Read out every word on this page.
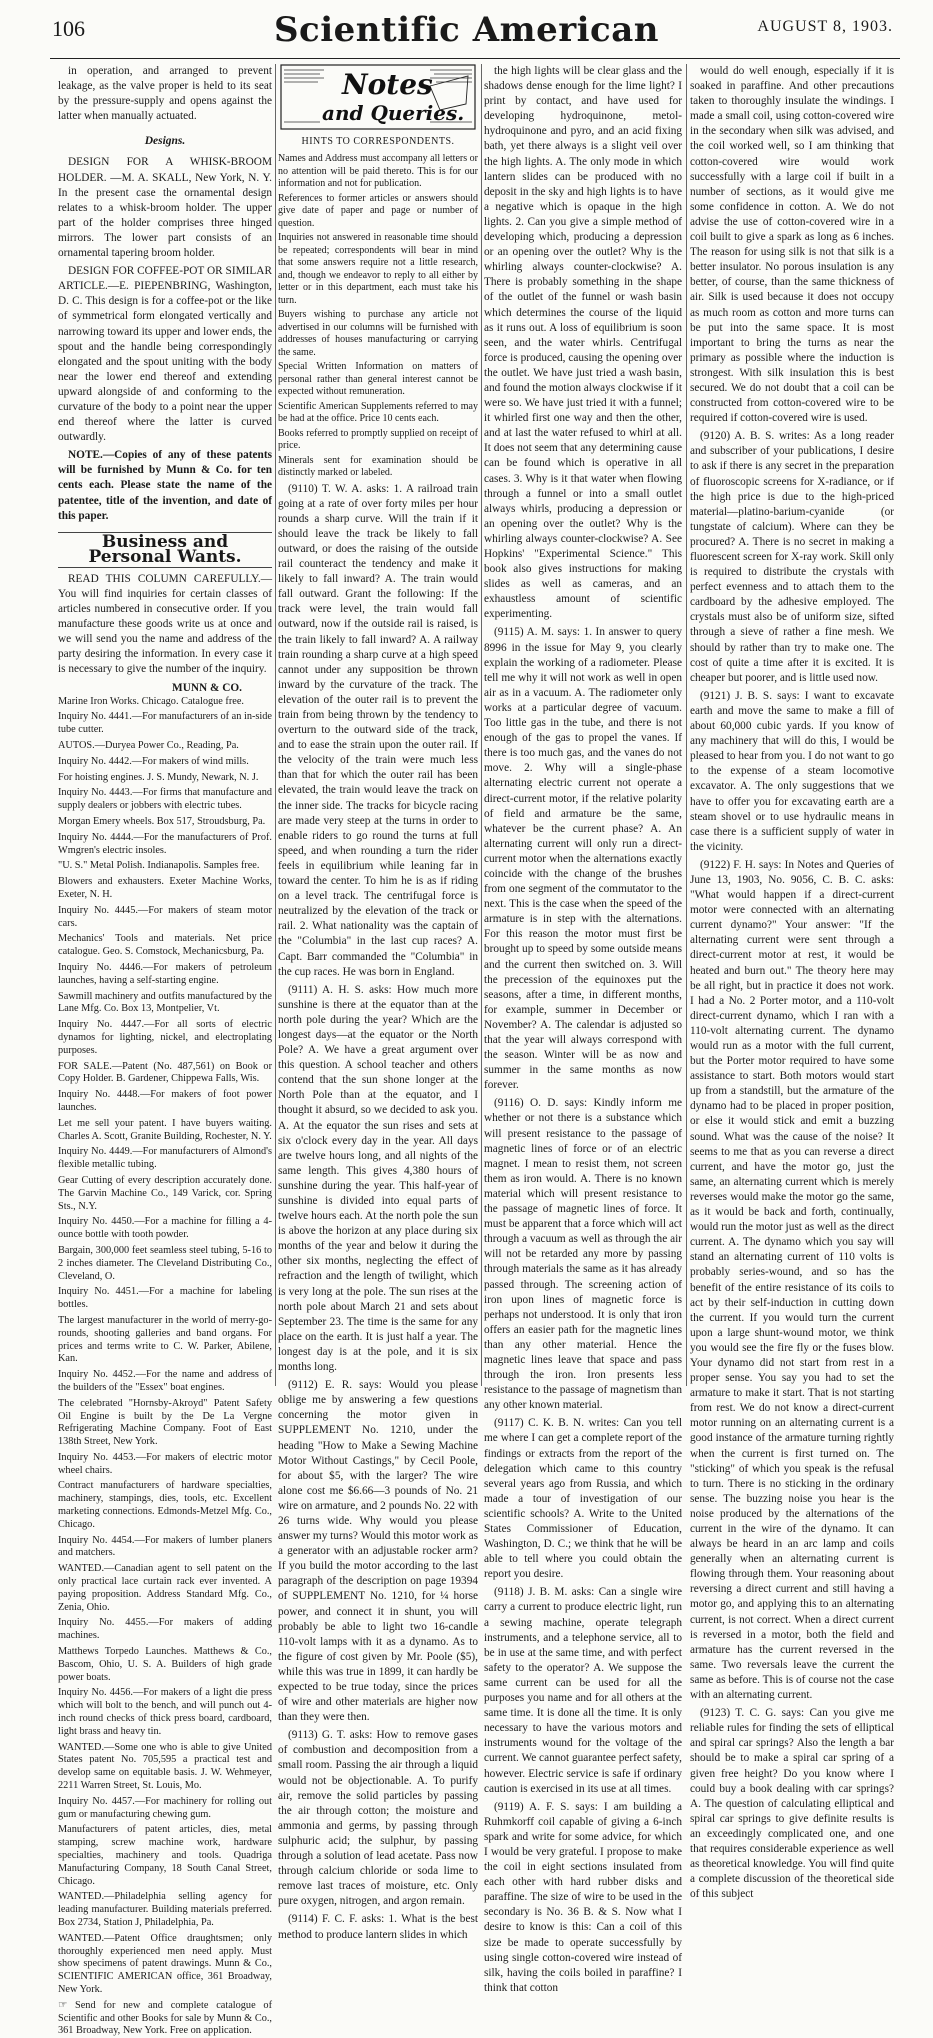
106	Scientific American	AUGUST 8, 1903.

in operation, and arranged to prevent leakage, as the valve proper is held to its seat by the pressure-supply and opens against the latter when manually actuated.

Designs.

DESIGN FOR A WHISK-BROOM HOLDER. —M. A. SKALL, New York, N. Y. In the present case the ornamental design relates to a whisk-broom holder. The upper part of the holder comprises three hinged mirrors. The lower part consists of an ornamental tapering broom holder.

DESIGN FOR COFFEE-POT OR SIMILAR ARTICLE.—E. PIEPENBRING, Washington, D. C. This design is for a coffee-pot or the like of symmetrical form elongated vertically and narrowing toward its upper and lower ends, the spout and the handle being correspondingly elongated and the spout uniting with the body near the lower end thereof and extending upward alongside of and conforming to the curvature of the body to a point near the upper end thereof where the latter is curved outwardly.

NOTE.—Copies of any of these patents will be furnished by Munn & Co. for ten cents each. Please state the name of the patentee, title of the invention, and date of this paper.

Business and Personal Wants.

READ THIS COLUMN CAREFULLY.—You will find inquiries for certain classes of articles numbered in consecutive order. If you manufacture these goods write us at once and we will send you the name and address of the party desiring the information. In every case it is necessary to give the number of the inquiry.

MUNN & CO.

Marine Iron Works. Chicago. Catalogue free.

Inquiry No. 4441.—For manufacturers of an in-side tube cutter.

AUTOS.—Duryea Power Co., Reading, Pa.

Inquiry No. 4442.—For makers of wind mills.

For hoisting engines. J. S. Mundy, Newark, N. J.

Inquiry No. 4443.—For firms that manufacture and supply dealers or jobbers with electric tubes.

Morgan Emery wheels. Box 517, Stroudsburg, Pa.

Inquiry No. 4444.—For the manufacturers of Prof. Wmgren's electric insoles.

"U. S." Metal Polish. Indianapolis. Samples free.

Blowers and exhausters. Exeter Machine Works, Exeter, N. H.

Inquiry No. 4445.—For makers of steam motor cars.

Mechanics' Tools and materials. Net price catalogue. Geo. S. Comstock, Mechanicsburg, Pa.

Inquiry No. 4446.—For makers of petroleum launches, having a self-starting engine.

Sawmill machinery and outfits manufactured by the Lane Mfg. Co. Box 13, Montpelier, Vt.

Inquiry No. 4447.—For all sorts of electric dynamos for lighting, nickel, and electroplating purposes.

FOR SALE.—Patent (No. 487,561) on Book or Copy Holder. B. Gardener, Chippewa Falls, Wis.

Inquiry No. 4448.—For makers of foot power launches.

Let me sell your patent. I have buyers waiting. Charles A. Scott, Granite Building, Rochester, N. Y.

Inquiry No. 4449.—For manufacturers of Almond's flexible metallic tubing.

Gear Cutting of every description accurately done. The Garvin Machine Co., 149 Varick, cor. Spring Sts., N.Y.

Inquiry No. 4450.—For a machine for filling a 4-ounce bottle with tooth powder.

Bargain, 300,000 feet seamless steel tubing, 5-16 to 2 inches diameter. The Cleveland Distributing Co., Cleveland, O.

Inquiry No. 4451.—For a machine for labeling bottles.

The largest manufacturer in the world of merry-go-rounds, shooting galleries and band organs. For prices and terms write to C. W. Parker, Abilene, Kan.

Inquiry No. 4452.—For the name and address of the builders of the "Essex" boat engines.

The celebrated "Hornsby-Akroyd" Patent Safety Oil Engine is built by the De La Vergne Refrigerating Machine Company. Foot of East 138th Street, New York.

Inquiry No. 4453.—For makers of electric motor wheel chairs.

Contract manufacturers of hardware specialties, machinery, stampings, dies, tools, etc. Excellent marketing connections. Edmonds-Metzel Mfg. Co., Chicago.

Inquiry No. 4454.—For makers of lumber planers and matchers.

WANTED.—Canadian agent to sell patent on the only practical lace curtain rack ever invented. A paying proposition. Address Standard Mfg. Co., Zenia, Ohio.

Inquiry No. 4455.—For makers of adding machines.

Matthews Torpedo Launches. Matthews & Co., Bascom, Ohio, U. S. A. Builders of high grade power boats.

Inquiry No. 4456.—For makers of a light die press which will bolt to the bench, and will punch out 4-inch round checks of thick press board, cardboard, light brass and heavy tin.

WANTED.—Some one who is able to give United States patent No. 705,595 a practical test and develop same on equitable basis. J. W. Wehmeyer, 2211 Warren Street, St. Louis, Mo.

Inquiry No. 4457.—For machinery for rolling out gum or manufacturing chewing gum.

Manufacturers of patent articles, dies, metal stamping, screw machine work, hardware specialties, machinery and tools. Quadriga Manufacturing Company, 18 South Canal Street, Chicago.

WANTED.—Philadelphia selling agency for leading manufacturer. Building materials preferred. Box 2734, Station J, Philadelphia, Pa.

WANTED.—Patent Office draughtsmen; only thoroughly experienced men need apply. Must show specimens of patent drawings. Munn & Co., SCIENTIFIC AMERICAN office, 361 Broadway, New York.

☞ Send for new and complete catalogue of Scientific and other Books for sale by Munn & Co., 361 Broadway, New York. Free on application.

Notes
and Queries.
HINTS TO CORRESPONDENTS.

Names and Address must accompany all letters or no attention will be paid thereto. This is for our information and not for publication.

References to former articles or answers should give date of paper and page or number of question.

Inquiries not answered in reasonable time should be repeated; correspondents will bear in mind that some answers require not a little research, and, though we endeavor to reply to all either by letter or in this department, each must take his turn.

Buyers wishing to purchase any article not advertised in our columns will be furnished with addresses of houses manufacturing or carrying the same.

Special Written Information on matters of personal rather than general interest cannot be expected without remuneration.

Scientific American Supplements referred to may be had at the office. Price 10 cents each.

Books referred to promptly supplied on receipt of price.

Minerals sent for examination should be distinctly marked or labeled.

(9110) T. W. A. asks: 1. A railroad train going at a rate of over forty miles per hour rounds a sharp curve. Will the train if it should leave the track be likely to fall outward, or does the raising of the outside rail counteract the tendency and make it likely to fall inward? A. The train would fall outward. Grant the following: If the track were level, the train would fall outward, now if the outside rail is raised, is the train likely to fall inward? A. A railway train rounding a sharp curve at a high speed cannot under any supposition be thrown inward by the curvature of the track. The elevation of the outer rail is to prevent the train from being thrown by the tendency to overturn to the outward side of the track, and to ease the strain upon the outer rail. If the velocity of the train were much less than that for which the outer rail has been elevated, the train would leave the track on the inner side. The tracks for bicycle racing are made very steep at the turns in order to enable riders to go round the turns at full speed, and when rounding a turn the rider feels in equilibrium while leaning far in toward the center. To him he is as if riding on a level track. The centrifugal force is neutralized by the elevation of the track or rail. 2. What nationality was the captain of the "Columbia" in the last cup races? A. Capt. Barr commanded the "Columbia" in the cup races. He was born in England.

(9111) A. H. S. asks: How much more sunshine is there at the equator than at the north pole during the year? Which are the longest days—at the equator or the North Pole? A. We have a great argument over this question. A school teacher and others contend that the sun shone longer at the North Pole than at the equator, and I thought it absurd, so we decided to ask you. A. At the equator the sun rises and sets at six o'clock every day in the year. All days are twelve hours long, and all nights of the same length. This gives 4,380 hours of sunshine during the year. This half-year of sunshine is divided into equal parts of twelve hours each. At the north pole the sun is above the horizon at any place during six months of the year and below it during the other six months, neglecting the effect of refraction and the length of twilight, which is very long at the pole. The sun rises at the north pole about March 21 and sets about September 23. The time is the same for any place on the earth. It is just half a year. The longest day is at the pole, and it is six months long.

(9112) E. R. says: Would you please oblige me by answering a few questions concerning the motor given in SUPPLEMENT No. 1210, under the heading "How to Make a Sewing Machine Motor Without Castings," by Cecil Poole, for about $5, with the larger? The wire alone cost me $6.66—3 pounds of No. 21 wire on armature, and 2 pounds No. 22 with 26 turns wide. Why would you please answer my turns? Would this motor work as a generator with an adjustable rocker arm? If you build the motor according to the last paragraph of the description on page 19394 of SUPPLEMENT No. 1210, for ¼ horse power, and connect it in shunt, you will probably be able to light two 16-candle 110-volt lamps with it as a dynamo. As to the figure of cost given by Mr. Poole ($5), while this was true in 1899, it can hardly be expected to be true today, since the prices of wire and other materials are higher now than they were then.

(9113) G. T. asks: How to remove gases of combustion and decomposition from a small room. Passing the air through a liquid would not be objectionable. A. To purify air, remove the solid particles by passing the air through cotton; the moisture and ammonia and germs, by passing through sulphuric acid; the sulphur, by passing through a solution of lead acetate. Pass now through calcium chloride or soda lime to remove last traces of moisture, etc. Only pure oxygen, nitrogen, and argon remain.

(9114) F. C. F. asks: 1. What is the best method to produce lantern slides in which

the high lights will be clear glass and the shadows dense enough for the lime light? I print by contact, and have used for developing hydroquinone, metol-hydroquinone and pyro, and an acid fixing bath, yet there always is a slight veil over the high lights. A. The only mode in which lantern slides can be produced with no deposit in the sky and high lights is to have a negative which is opaque in the high lights. 2. Can you give a simple method of developing which, producing a depression or an opening over the outlet? Why is the whirling always counter-clockwise? A. There is probably something in the shape of the outlet of the funnel or wash basin which determines the course of the liquid as it runs out. A loss of equilibrium is soon seen, and the water whirls. Centrifugal force is produced, causing the opening over the outlet. We have just tried a wash basin, and found the motion always clockwise if it were so. We have just tried it with a funnel; it whirled first one way and then the other, and at last the water refused to whirl at all. It does not seem that any determining cause can be found which is operative in all cases. 3. Why is it that water when flowing through a funnel or into a small outlet always whirls, producing a depression or an opening over the outlet? Why is the whirling always counter-clockwise? A. See Hopkins' "Experimental Science." This book also gives instructions for making slides as well as cameras, and an exhaustless amount of scientific experimenting.

(9115) A. M. says: 1. In answer to query 8996 in the issue for May 9, you clearly explain the working of a radiometer. Please tell me why it will not work as well in open air as in a vacuum. A. The radiometer only works at a particular degree of vacuum. Too little gas in the tube, and there is not enough of the gas to propel the vanes. If there is too much gas, and the vanes do not move. 2. Why will a single-phase alternating electric current not operate a direct-current motor, if the relative polarity of field and armature be the same, whatever be the current phase? A. An alternating current will only run a direct-current motor when the alternations exactly coincide with the change of the brushes from one segment of the commutator to the next. This is the case when the speed of the armature is in step with the alternations. For this reason the motor must first be brought up to speed by some outside means and the current then switched on. 3. Will the precession of the equinoxes put the seasons, after a time, in different months, for example, summer in December or November? A. The calendar is adjusted so that the year will always correspond with the season. Winter will be as now and summer in the same months as now forever.

(9116) O. D. says: Kindly inform me whether or not there is a substance which will present resistance to the passage of magnetic lines of force or of an electric magnet. I mean to resist them, not screen them as iron would. A. There is no known material which will present resistance to the passage of magnetic lines of force. It must be apparent that a force which will act through a vacuum as well as through the air will not be retarded any more by passing through materials the same as it has already passed through. The screening action of iron upon lines of magnetic force is perhaps not understood. It is only that iron offers an easier path for the magnetic lines than any other material. Hence the magnetic lines leave that space and pass through the iron. Iron presents less resistance to the passage of magnetism than any other known material.

(9117) C. K. B. N. writes: Can you tell me where I can get a complete report of the findings or extracts from the report of the delegation which came to this country several years ago from Russia, and which made a tour of investigation of our scientific schools? A. Write to the United States Commissioner of Education, Washington, D. C.; we think that he will be able to tell where you could obtain the report you desire.

(9118) J. B. M. asks: Can a single wire carry a current to produce electric light, run a sewing machine, operate telegraph instruments, and a telephone service, all to be in use at the same time, and with perfect safety to the operator? A. We suppose the same current can be used for all the purposes you name and for all others at the same time. It is done all the time. It is only necessary to have the various motors and instruments wound for the voltage of the current. We cannot guarantee perfect safety, however. Electric service is safe if ordinary caution is exercised in its use at all times.

(9119) A. F. S. says: I am building a Ruhmkorff coil capable of giving a 6-inch spark and write for some advice, for which I would be very grateful. I propose to make the coil in eight sections insulated from each other with hard rubber disks and paraffine. The size of wire to be used in the secondary is No. 36 B. & S. Now what I desire to know is this: Can a coil of this size be made to operate successfully by using single cotton-covered wire instead of silk, having the coils boiled in paraffine? I think that cotton

would do well enough, especially if it is soaked in paraffine. And other precautions taken to thoroughly insulate the windings. I made a small coil, using cotton-covered wire in the secondary when silk was advised, and the coil worked well, so I am thinking that cotton-covered wire would work successfully with a large coil if built in a number of sections, as it would give me some confidence in cotton. A. We do not advise the use of cotton-covered wire in a coil built to give a spark as long as 6 inches. The reason for using silk is not that silk is a better insulator. No porous insulation is any better, of course, than the same thickness of air. Silk is used because it does not occupy as much room as cotton and more turns can be put into the same space. It is most important to bring the turns as near the primary as possible where the induction is strongest. With silk insulation this is best secured. We do not doubt that a coil can be constructed from cotton-covered wire to be required if cotton-covered wire is used.

(9120) A. B. S. writes: As a long reader and subscriber of your publications, I desire to ask if there is any secret in the preparation of fluoroscopic screens for X-radiance, or if the high price is due to the high-priced material—platino-barium-cyanide (or tungstate of calcium). Where can they be procured? A. There is no secret in making a fluorescent screen for X-ray work. Skill only is required to distribute the crystals with perfect evenness and to attach them to the cardboard by the adhesive employed. The crystals must also be of uniform size, sifted through a sieve of rather a fine mesh. We should by rather than try to make one. The cost of quite a time after it is excited. It is cheaper but poorer, and is little used now.

(9121) J. B. S. says: I want to excavate earth and move the same to make a fill of about 60,000 cubic yards. If you know of any machinery that will do this, I would be pleased to hear from you. I do not want to go to the expense of a steam locomotive excavator. A. The only suggestions that we have to offer you for excavating earth are a steam shovel or to use hydraulic means in case there is a sufficient supply of water in the vicinity.

(9122) F. H. says: In Notes and Queries of June 13, 1903, No. 9056, C. B. C. asks: "What would happen if a direct-current motor were connected with an alternating current dynamo?" Your answer: "If the alternating current were sent through a direct-current motor at rest, it would be heated and burn out." The theory here may be all right, but in practice it does not work. I had a No. 2 Porter motor, and a 110-volt direct-current dynamo, which I ran with a 110-volt alternating current. The dynamo would run as a motor with the full current, but the Porter motor required to have some assistance to start. Both motors would start up from a standstill, but the armature of the dynamo had to be placed in proper position, or else it would stick and emit a buzzing sound. What was the cause of the noise? It seems to me that as you can reverse a direct current, and have the motor go, just the same, an alternating current which is merely reverses would make the motor go the same, as it would be back and forth, continually, would run the motor just as well as the direct current. A. The dynamo which you say will stand an alternating current of 110 volts is probably series-wound, and so has the benefit of the entire resistance of its coils to act by their self-induction in cutting down the current. If you would turn the current upon a large shunt-wound motor, we think you would see the fire fly or the fuses blow. Your dynamo did not start from rest in a proper sense. You say you had to set the armature to make it start. That is not starting from rest. We do not know a direct-current motor running on an alternating current is a good instance of the armature turning rightly when the current is first turned on. The "sticking" of which you speak is the refusal to turn. There is no sticking in the ordinary sense. The buzzing noise you hear is the noise produced by the alternations of the current in the wire of the dynamo. It can always be heard in an arc lamp and coils generally when an alternating current is flowing through them. Your reasoning about reversing a direct current and still having a motor go, and applying this to an alternating current, is not correct. When a direct current is reversed in a motor, both the field and armature has the current reversed in the same. Two reversals leave the current the same as before. This is of course not the case with an alternating current.

(9123) T. C. G. says: Can you give me reliable rules for finding the sets of elliptical and spiral car springs? Also the length a bar should be to make a spiral car spring of a given free height? Do you know where I could buy a book dealing with car springs? A. The question of calculating elliptical and spiral car springs to give definite results is an exceedingly complicated one, and one that requires considerable experience as well as theoretical knowledge. You will find quite a complete discussion of the theoretical side of this subject
